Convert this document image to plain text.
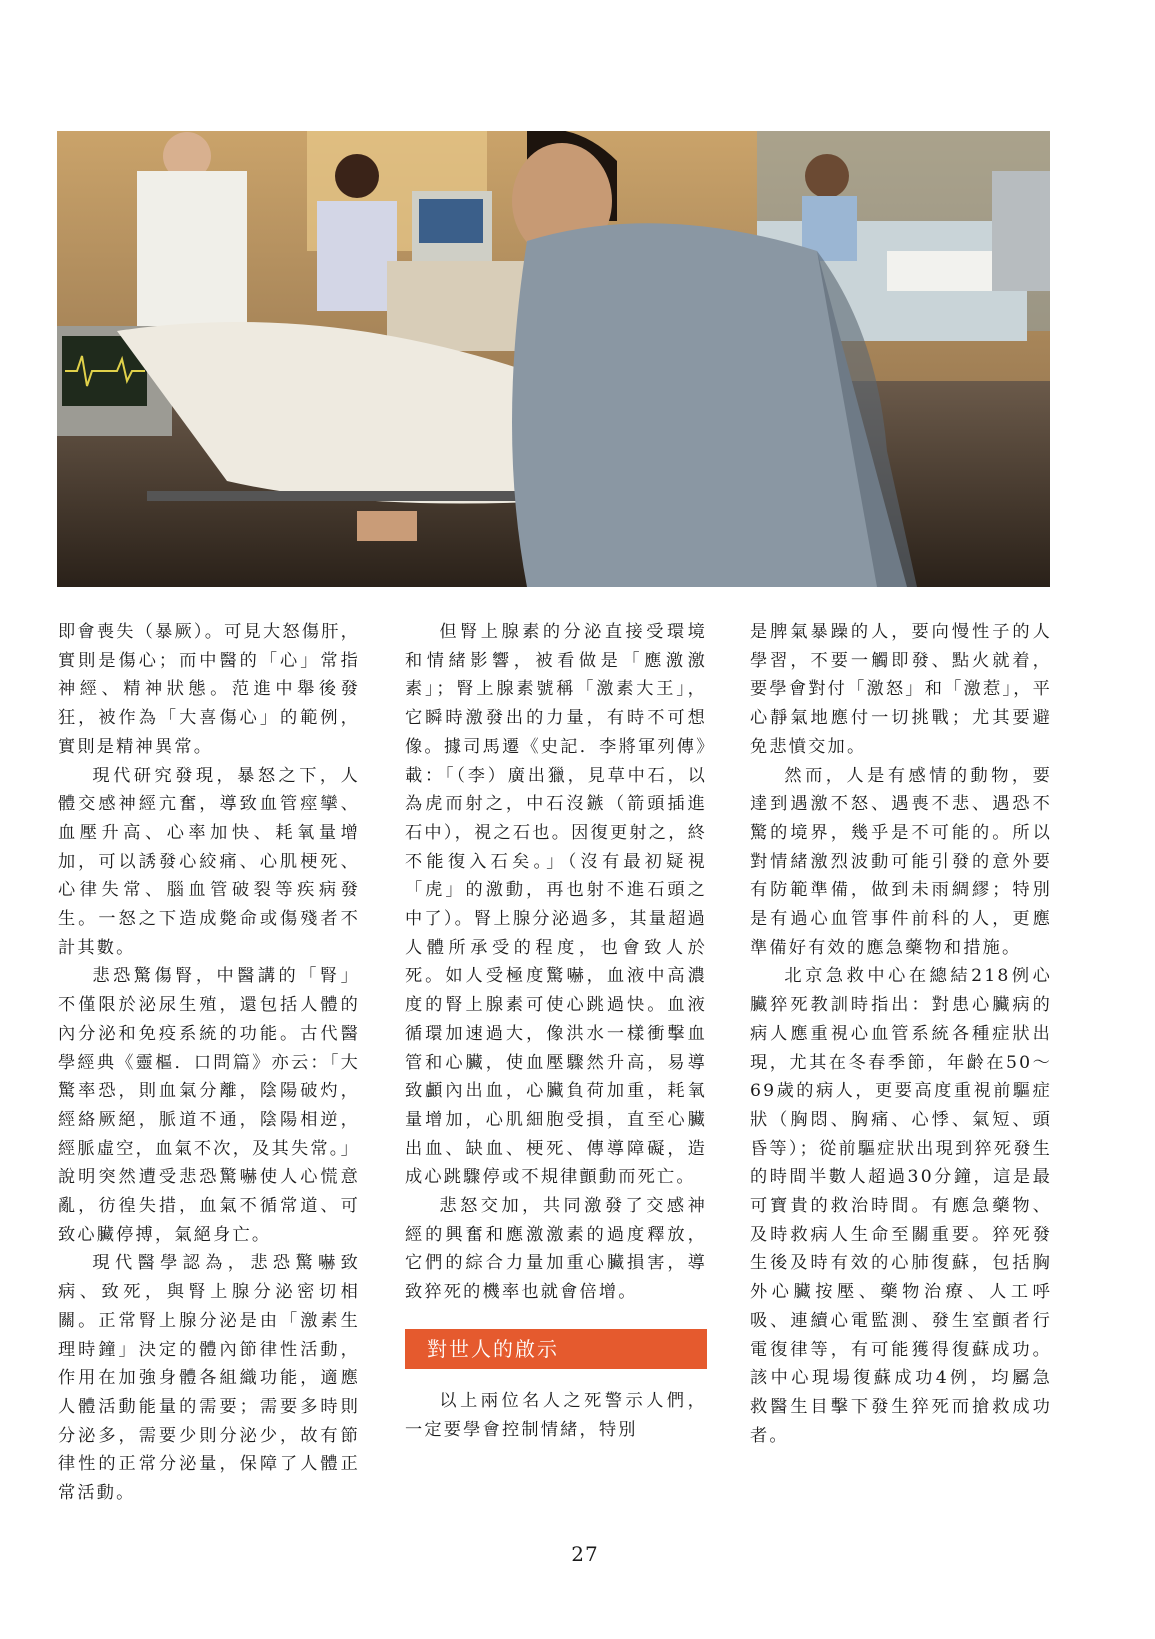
即會喪失（暴厥）。可見大怒傷肝，實則是傷心；而中醫的「心」常指神經、精神狀態。范進中舉後發狂，被作為「大喜傷心」的範例，實則是精神異常。

現代研究發現，暴怒之下，人體交感神經亢奮，導致血管痙攣、血壓升高、心率加快、耗氧量增加，可以誘發心絞痛、心肌梗死、心律失常、腦血管破裂等疾病發生。一怒之下造成斃命或傷殘者不計其數。

悲恐驚傷腎，中醫講的「腎」不僅限於泌尿生殖，還包括人體的內分泌和免疫系統的功能。古代醫學經典《靈樞．口問篇》亦云：「大驚率恐，則血氣分離，陰陽破灼，經絡厥絕，脈道不通，陰陽相逆，經脈虛空，血氣不次，及其失常。」說明突然遭受悲恐驚嚇使人心慌意亂，彷徨失措，血氣不循常道、可致心臟停搏，氣絕身亡。

現代醫學認為，悲恐驚嚇致病、致死，與腎上腺分泌密切相關。正常腎上腺分泌是由「激素生理時鐘」決定的體內節律性活動，作用在加強身體各組織功能，適應人體活動能量的需要；需要多時則分泌多，需要少則分泌少，故有節律性的正常分泌量，保障了人體正常活動。

但腎上腺素的分泌直接受環境和情緒影響，被看做是「應激激素」；腎上腺素號稱「激素大王」，它瞬時激發出的力量，有時不可想像。據司馬遷《史記．李將軍列傳》載：「（李）廣出獵，見草中石，以為虎而射之，中石沒鏃（箭頭插進石中），視之石也。因復更射之，終不能復入石矣。」（沒有最初疑視「虎」的激動，再也射不進石頭之中了）。腎上腺分泌過多，其量超過人體所承受的程度，也會致人於死。如人受極度驚嚇，血液中高濃度的腎上腺素可使心跳過快。血液循環加速過大，像洪水一樣衝擊血管和心臟，使血壓驟然升高，易導致顱內出血，心臟負荷加重，耗氧量增加，心肌細胞受損，直至心臟出血、缺血、梗死、傳導障礙，造成心跳驟停或不規律顫動而死亡。

悲怒交加，共同激發了交感神經的興奮和應激激素的過度釋放，它們的綜合力量加重心臟損害，導致猝死的機率也就會倍增。

對世人的啟示

以上兩位名人之死警示人們，一定要學會控制情緒，特別

是脾氣暴躁的人，要向慢性子的人學習，不要一觸即發、點火就着，要學會對付「激怒」和「激惹」，平心靜氣地應付一切挑戰；尤其要避免悲憤交加。

然而，人是有感情的動物，要達到遇激不怒、遇喪不悲、遇恐不驚的境界，幾乎是不可能的。所以對情緒激烈波動可能引發的意外要有防範準備，做到未雨綢繆；特別是有過心血管事件前科的人，更應準備好有效的應急藥物和措施。

北京急救中心在總結218例心臟猝死教訓時指出：對患心臟病的病人應重視心血管系統各種症狀出現，尤其在冬春季節，年齡在50～69歲的病人，更要高度重視前驅症狀（胸悶、胸痛、心悸、氣短、頭昏等）；從前驅症狀出現到猝死發生的時間半數人超過30分鐘，這是最可寶貴的救治時間。有應急藥物、及時救病人生命至關重要。猝死發生後及時有效的心肺復蘇，包括胸外心臟按壓、藥物治療、人工呼吸、連續心電監測、發生室顫者行電復律等，有可能獲得復蘇成功。該中心現場復蘇成功4例，均屬急救醫生目擊下發生猝死而搶救成功者。

27
